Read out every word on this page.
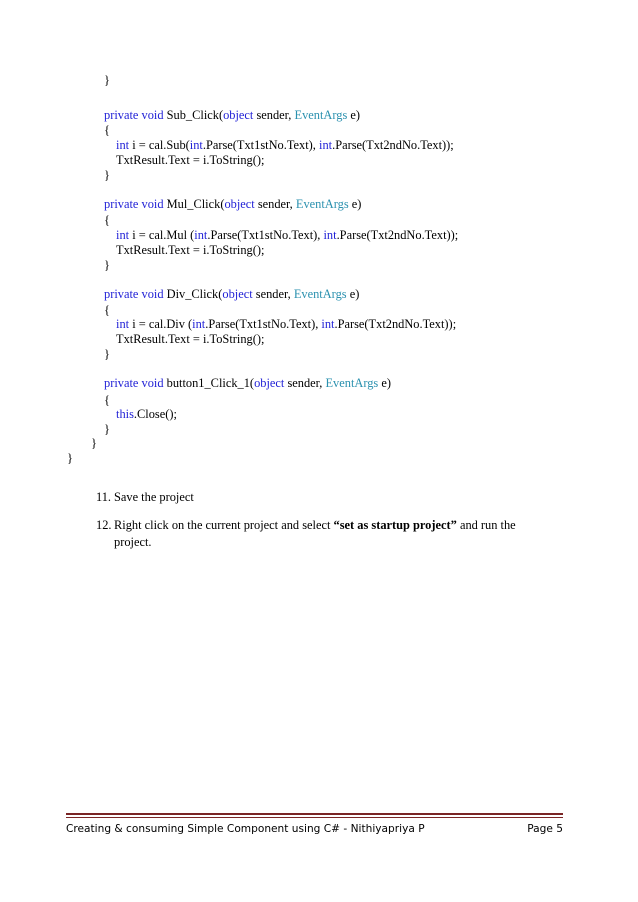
}
private void Sub_Click(object sender, EventArgs e)
{
int i = cal.Sub(int.Parse(Txt1stNo.Text), int.Parse(Txt2ndNo.Text));
TxtResult.Text = i.ToString();
}
private void Mul_Click(object sender, EventArgs e)
{
int i = cal.Mul (int.Parse(Txt1stNo.Text), int.Parse(Txt2ndNo.Text));
TxtResult.Text = i.ToString();
}
private void Div_Click(object sender, EventArgs e)
{
int i = cal.Div (int.Parse(Txt1stNo.Text), int.Parse(Txt2ndNo.Text));
TxtResult.Text = i.ToString();
}
private void button1_Click_1(object sender, EventArgs e)
{
this.Close();
}
}
}
11. Save the project
12. Right click on the current project and select “set as startup project” and run the project.
Creating & consuming Simple Component using C# - Nithiyapriya P	Page 5
